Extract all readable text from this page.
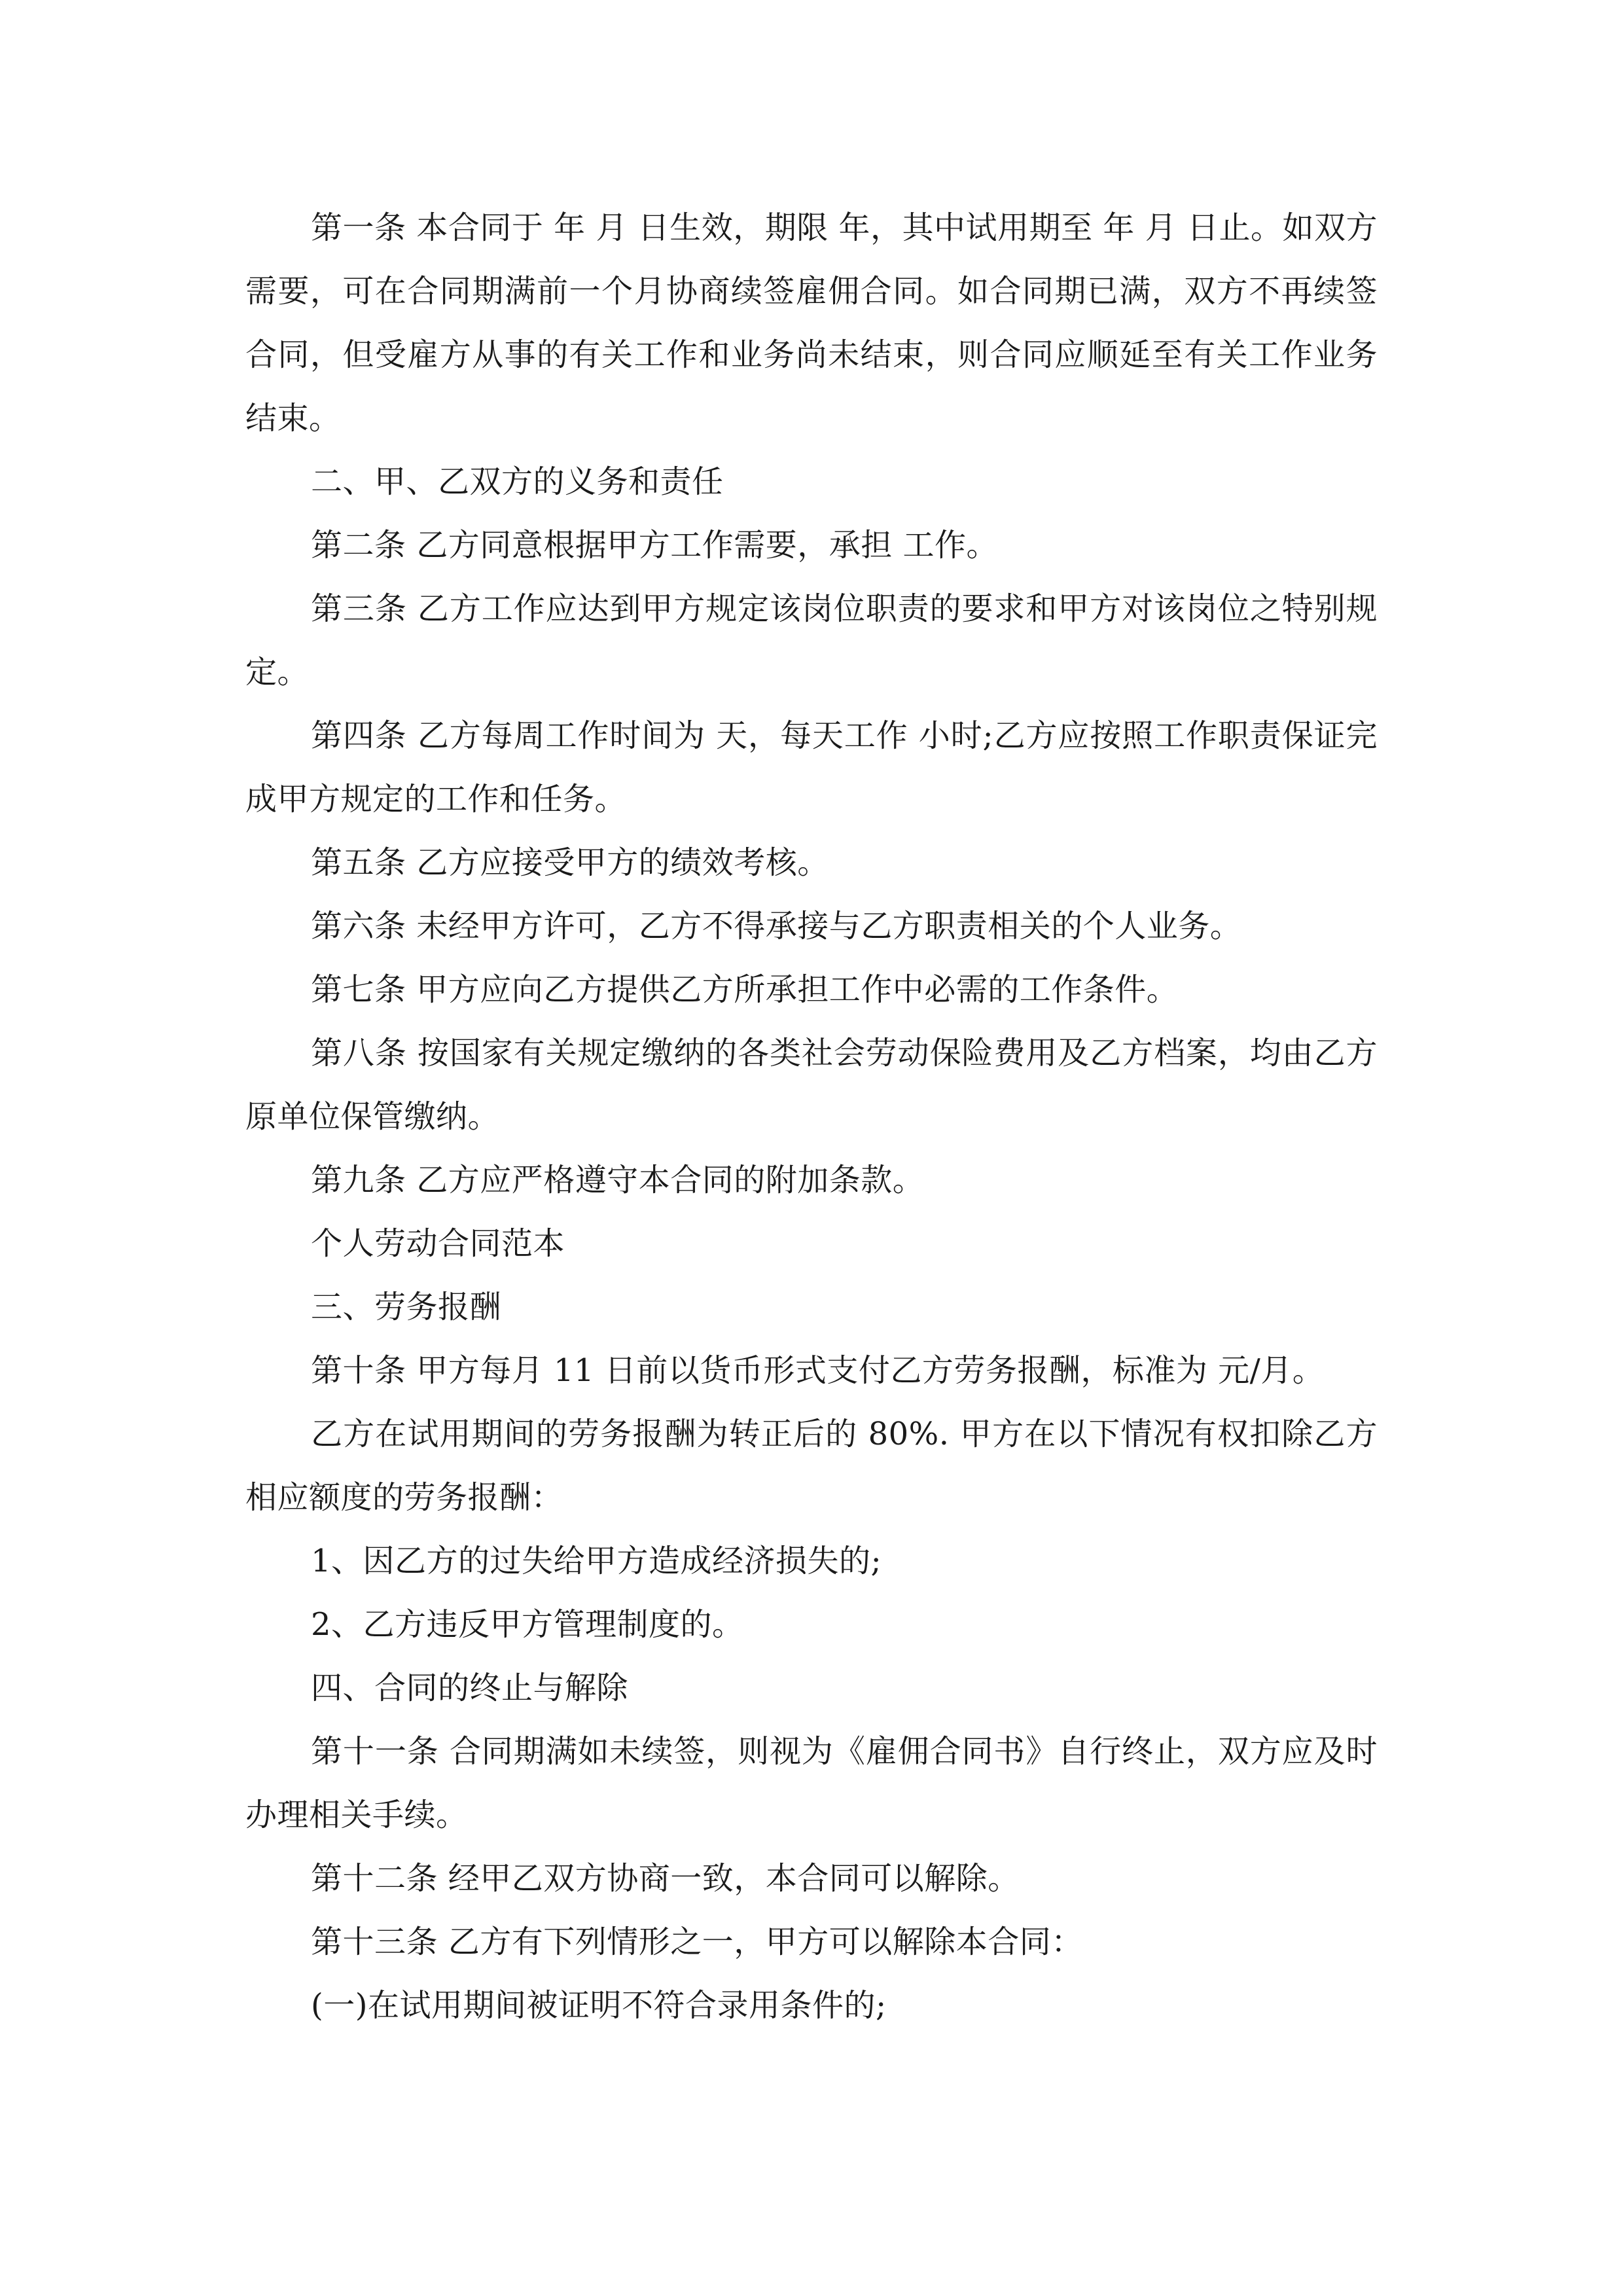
第一条 本合同于 年 月 日生效，期限 年，其中试用期至 年 月 日止。如双方需要，可在合同期满前一个月协商续签雇佣合同。如合同期已满，双方不再续签合同，但受雇方从事的有关工作和业务尚未结束，则合同应顺延至有关工作业务结束。

二、甲、乙双方的义务和责任

第二条 乙方同意根据甲方工作需要，承担 工作。

第三条 乙方工作应达到甲方规定该岗位职责的要求和甲方对该岗位之特别规定。

第四条 乙方每周工作时间为 天，每天工作 小时;乙方应按照工作职责保证完成甲方规定的工作和任务。

第五条 乙方应接受甲方的绩效考核。

第六条 未经甲方许可，乙方不得承接与乙方职责相关的个人业务。

第七条 甲方应向乙方提供乙方所承担工作中必需的工作条件。

第八条 按国家有关规定缴纳的各类社会劳动保险费用及乙方档案，均由乙方原单位保管缴纳。

第九条 乙方应严格遵守本合同的附加条款。

个人劳动合同范本

三、劳务报酬

第十条 甲方每月 11 日前以货币形式支付乙方劳务报酬，标准为 元/月。

乙方在试用期间的劳务报酬为转正后的 80%. 甲方在以下情况有权扣除乙方相应额度的劳务报酬：

1、因乙方的过失给甲方造成经济损失的;

2、乙方违反甲方管理制度的。

四、合同的终止与解除

第十一条 合同期满如未续签，则视为《雇佣合同书》自行终止，双方应及时办理相关手续。

第十二条 经甲乙双方协商一致，本合同可以解除。

第十三条 乙方有下列情形之一，甲方可以解除本合同：

(一)在试用期间被证明不符合录用条件的;
